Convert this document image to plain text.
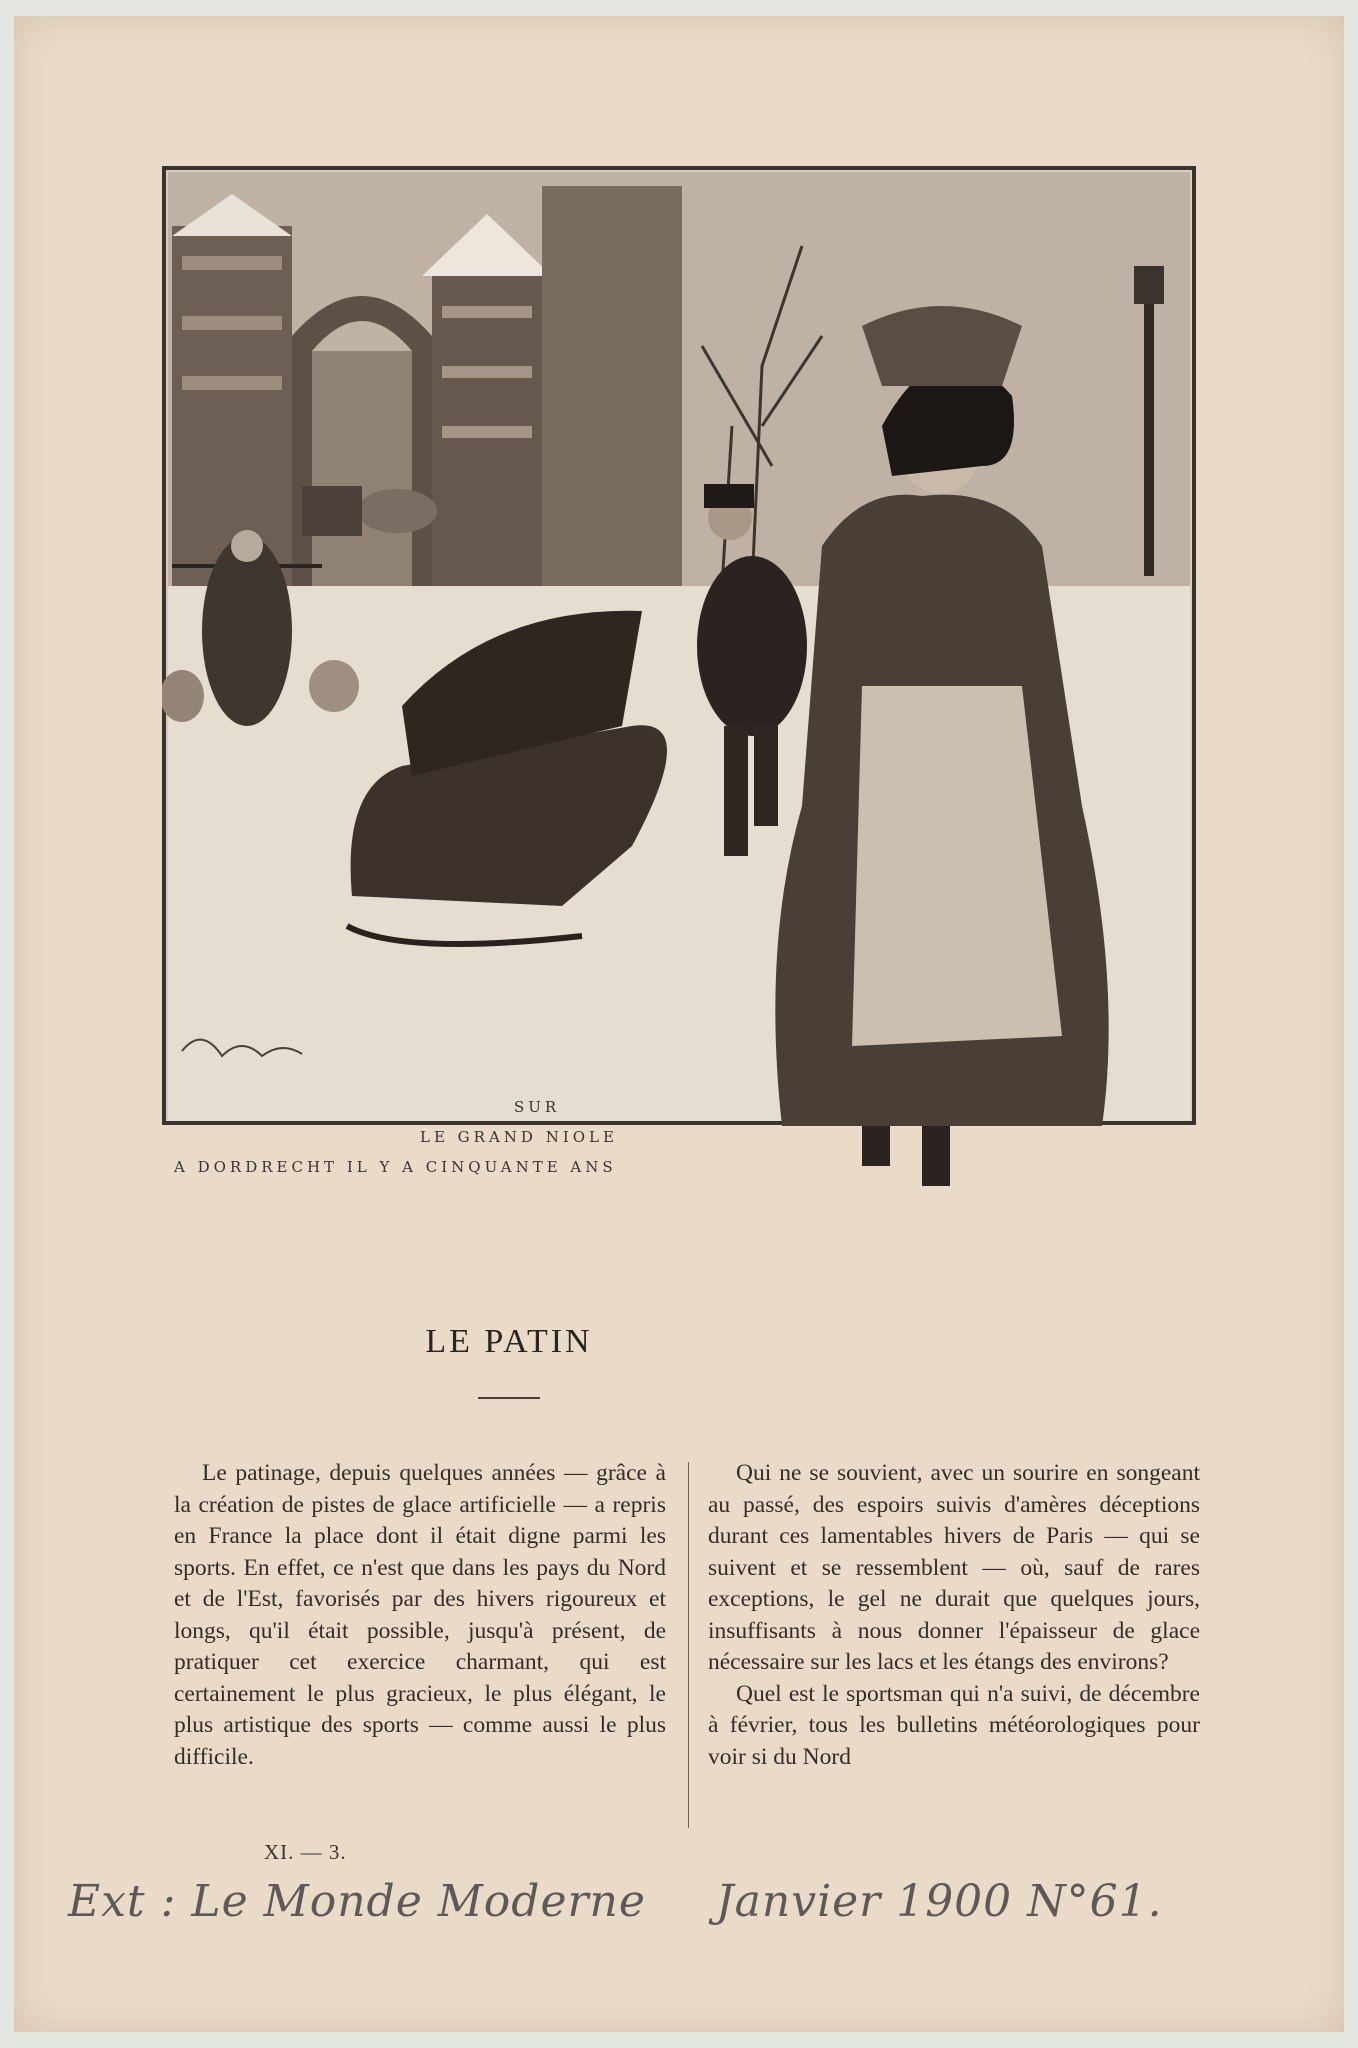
SUR
LE GRAND NIOLE
A DORDRECHT IL Y A CINQUANTE ANS
LE PATIN

Le patinage, depuis quelques années — grâce à la création de pistes de glace artificielle — a repris en France la place dont il était digne parmi les sports. En effet, ce n'est que dans les pays du Nord et de l'Est, favorisés par des hivers rigoureux et longs, qu'il était possible, jusqu'à présent, de pratiquer cet exercice charmant, qui est certainement le plus gracieux, le plus élégant, le plus artistique des sports — comme aussi le plus difficile.

Qui ne se souvient, avec un sourire en songeant au passé, des espoirs suivis d'amères déceptions durant ces lamentables hivers de Paris — qui se suivent et se ressemblent — où, sauf de rares exceptions, le gel ne durait que quelques jours, insuffisants à nous donner l'épaisseur de glace nécessaire sur les lacs et les étangs des environs?

Quel est le sportsman qui n'a suivi, de décembre à février, tous les bulletins météorologiques pour voir si du Nord

XI. — 3.
Ext : Le Monde Moderne Janvier 1900 N°61.
